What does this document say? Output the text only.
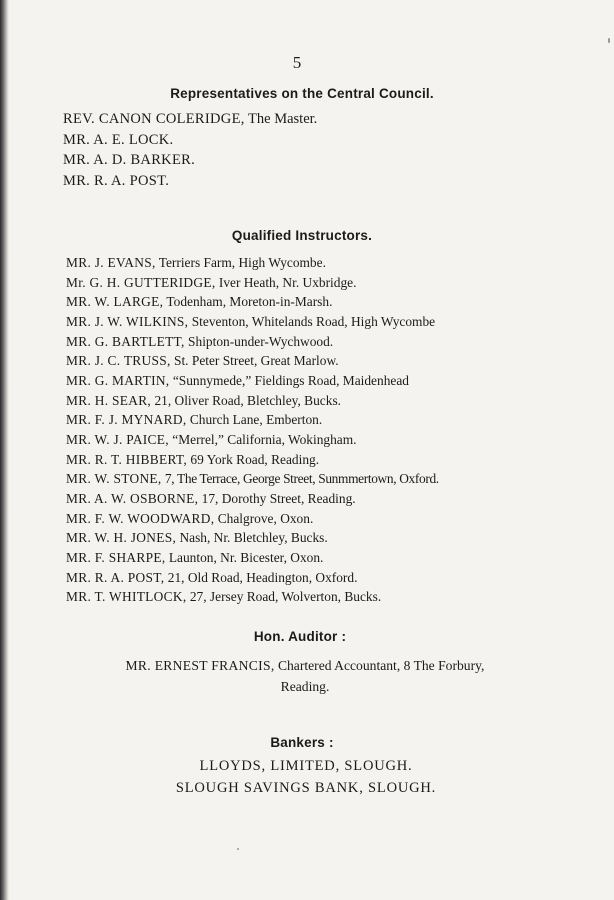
5
Representatives on the Central Council.
REV. CANON COLERIDGE, The Master.
MR. A. E. LOCK.
MR. A. D. BARKER.
MR. R. A. POST.
Qualified Instructors.
MR. J. EVANS, Terriers Farm, High Wycombe.
Mr. G. H. GUTTERIDGE, Iver Heath, Nr. Uxbridge.
MR. W. LARGE, Todenham, Moreton-in-Marsh.
MR. J. W. WILKINS, Steventon, Whitelands Road, High Wycombe
MR. G. BARTLETT, Shipton-under-Wychwood.
MR. J. C. TRUSS, St. Peter Street, Great Marlow.
MR. G. MARTIN, “Sunnymede,” Fieldings Road, Maidenhead
MR. H. SEAR, 21, Oliver Road, Bletchley, Bucks.
MR. F. J. MYNARD, Church Lane, Emberton.
MR. W. J. PAICE, “Merrel,” California, Wokingham.
MR. R. T. HIBBERT, 69 York Road, Reading.
MR. W. STONE, 7, The Terrace, George Street, Sunmmertown, Oxford.
MR. A. W. OSBORNE, 17, Dorothy Street, Reading.
MR. F. W. WOODWARD, Chalgrove, Oxon.
MR. W. H. JONES, Nash, Nr. Bletchley, Bucks.
MR. F. SHARPE, Launton, Nr. Bicester, Oxon.
MR. R. A. POST, 21, Old Road, Headington, Oxford.
MR. T. WHITLOCK, 27, Jersey Road, Wolverton, Bucks.
Hon. Auditor :
MR. ERNEST FRANCIS, Chartered Accountant, 8 The Forbury,
Reading.
Bankers :
LLOYDS, LIMITED, SLOUGH.
SLOUGH SAVINGS BANK, SLOUGH.
